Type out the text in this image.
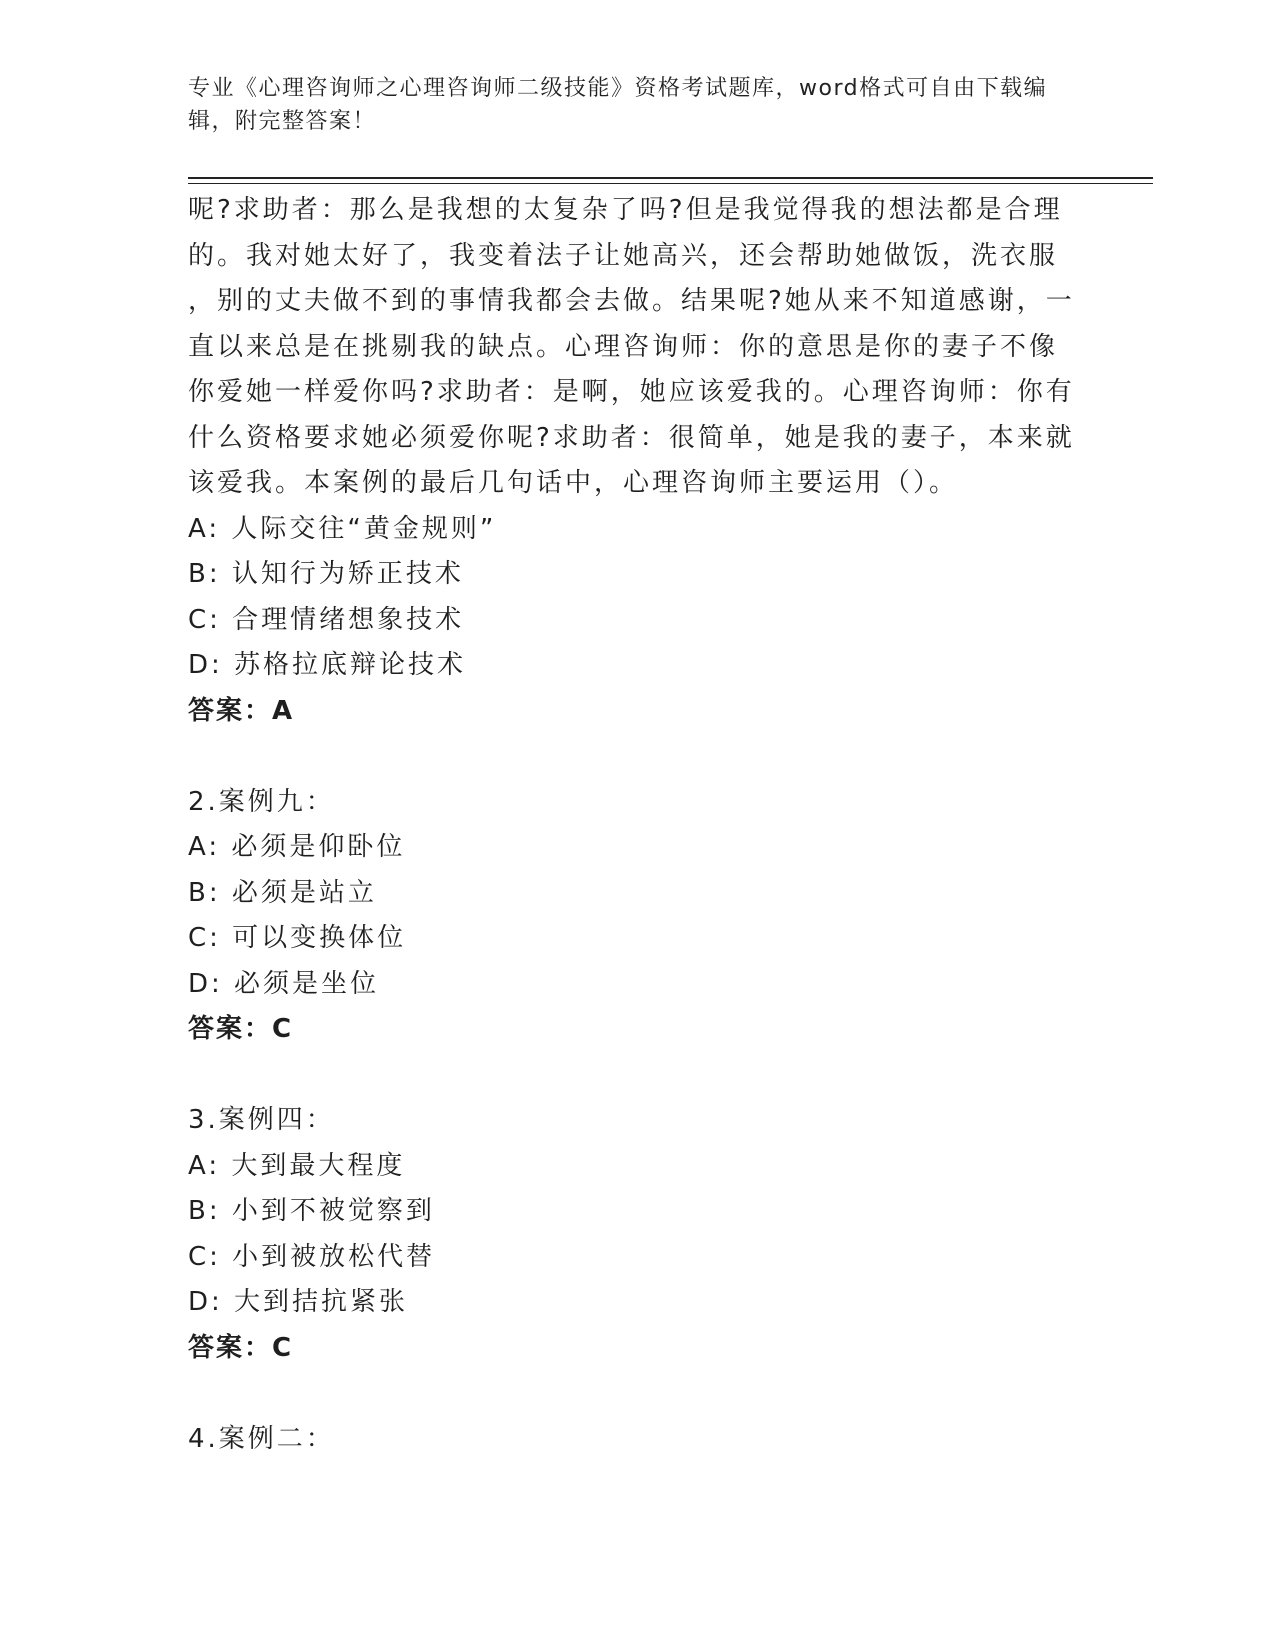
专业《心理咨询师之心理咨询师二级技能》资格考试题库，word格式可自由下载编辑，附完整答案！
呢?求助者：那么是我想的太复杂了吗?但是我觉得我的想法都是合理
的。我对她太好了，我变着法子让她高兴，还会帮助她做饭，洗衣服
，别的丈夫做不到的事情我都会去做。结果呢?她从来不知道感谢，一
直以来总是在挑剔我的缺点。心理咨询师：你的意思是你的妻子不像
你爱她一样爱你吗?求助者：是啊，她应该爱我的。心理咨询师：你有
什么资格要求她必须爱你呢?求助者：很简单，她是我的妻子，本来就
该爱我。本案例的最后几句话中，心理咨询师主要运用（）。
A: 人际交往“黄金规则”
B: 认知行为矫正技术
C: 合理情绪想象技术
D: 苏格拉底辩论技术
答案：A
2.案例九：
A: 必须是仰卧位
B: 必须是站立
C: 可以变换体位
D: 必须是坐位
答案：C
3.案例四：
A: 大到最大程度
B: 小到不被觉察到
C: 小到被放松代替
D: 大到拮抗紧张
答案：C
4.案例二：
